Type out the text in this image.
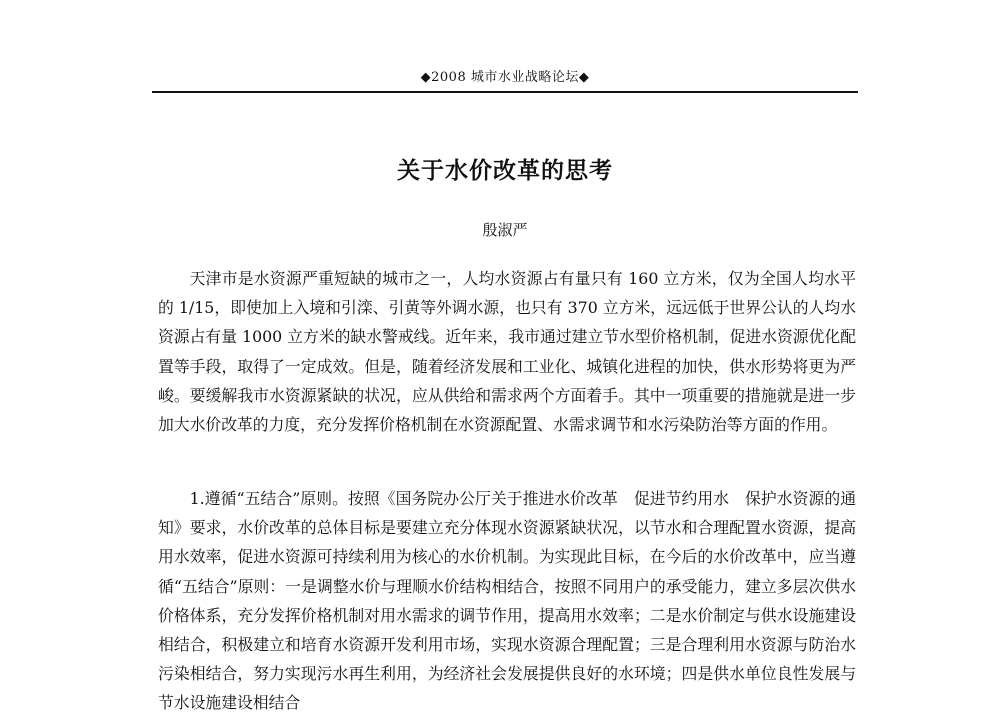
◆2008 城市水业战略论坛◆
关于水价改革的思考

殷淑严

天津市是水资源严重短缺的城市之一，人均水资源占有量只有 160 立方米，仅为全国人均水平的 1/15，即使加上入境和引滦、引黄等外调水源，也只有 370 立方米，远远低于世界公认的人均水资源占有量 1000 立方米的缺水警戒线。近年来，我市通过建立节水型价格机制，促进水资源优化配置等手段，取得了一定成效。但是，随着经济发展和工业化、城镇化进程的加快，供水形势将更为严峻。要缓解我市水资源紧缺的状况，应从供给和需求两个方面着手。其中一项重要的措施就是进一步加大水价改革的力度，充分发挥价格机制在水资源配置、水需求调节和水污染防治等方面的作用。

1.遵循“五结合”原则。按照《国务院办公厅关于推进水价改革　促进节约用水　保护水资源的通知》要求，水价改革的总体目标是要建立充分体现水资源紧缺状况，以节水和合理配置水资源，提高用水效率，促进水资源可持续利用为核心的水价机制。为实现此目标，在今后的水价改革中，应当遵循“五结合”原则：一是调整水价与理顺水价结构相结合，按照不同用户的承受能力，建立多层次供水价格体系，充分发挥价格机制对用水需求的调节作用，提高用水效率；二是水价制定与供水设施建设相结合，积极建立和培育水资源开发利用市场，实现水资源合理配置；三是合理利用水资源与防治水污染相结合，努力实现污水再生利用，为经济社会发展提供良好的水环境；四是供水单位良性发展与节水设施建设相结合
